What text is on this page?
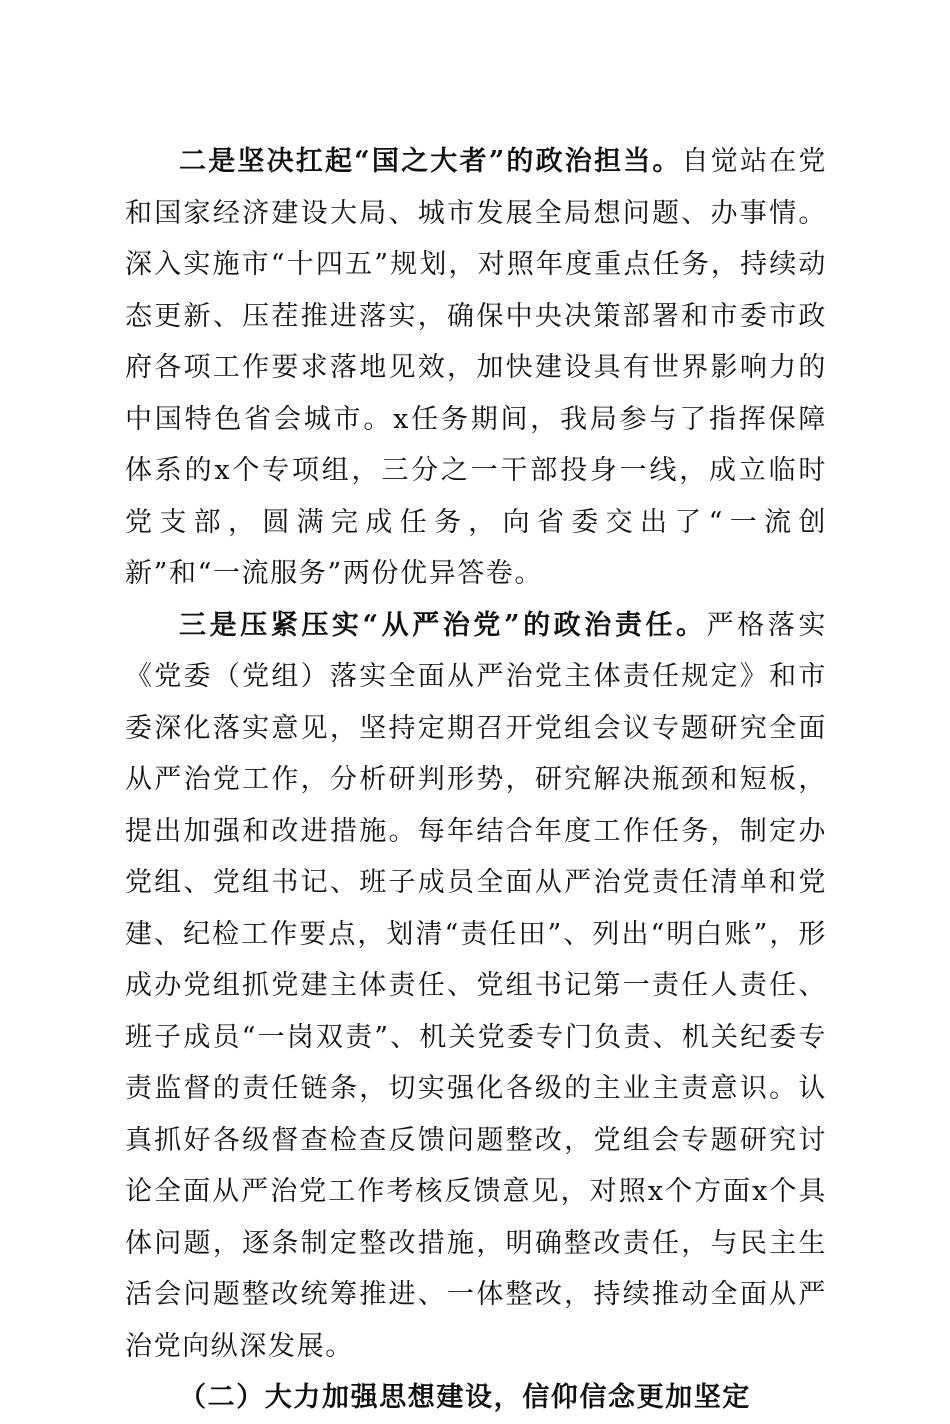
二是坚决扛起“国之大者”的政治担当。自觉站在党和国家经济建设大局、城市发展全局想问题、办事情。深入实施市“十四五”规划，对照年度重点任务，持续动态更新、压茬推进落实，确保中央决策部署和市委市政府各项工作要求落地见效，加快建设具有世界影响力的中国特色省会城市。x任务期间，我局参与了指挥保障体系的x个专项组，三分之一干部投身一线，成立临时党支部，圆满完成任务，向省委交出了“一流创新”和“一流服务”两份优异答卷。

三是压紧压实“从严治党”的政治责任。严格落实《党委（党组）落实全面从严治党主体责任规定》和市委深化落实意见，坚持定期召开党组会议专题研究全面从严治党工作，分析研判形势，研究解决瓶颈和短板，提出加强和改进措施。每年结合年度工作任务，制定办党组、党组书记、班子成员全面从严治党责任清单和党建、纪检工作要点，划清“责任田”、列出“明白账”，形成办党组抓党建主体责任、党组书记第一责任人责任、班子成员“一岗双责”、机关党委专门负责、机关纪委专责监督的责任链条，切实强化各级的主业主责意识。认真抓好各级督查检查反馈问题整改，党组会专题研究讨论全面从严治党工作考核反馈意见，对照x个方面x个具体问题，逐条制定整改措施，明确整改责任，与民主生活会问题整改统筹推进、一体整改，持续推动全面从严治党向纵深发展。

（二）大力加强思想建设，信仰信念更加坚定
